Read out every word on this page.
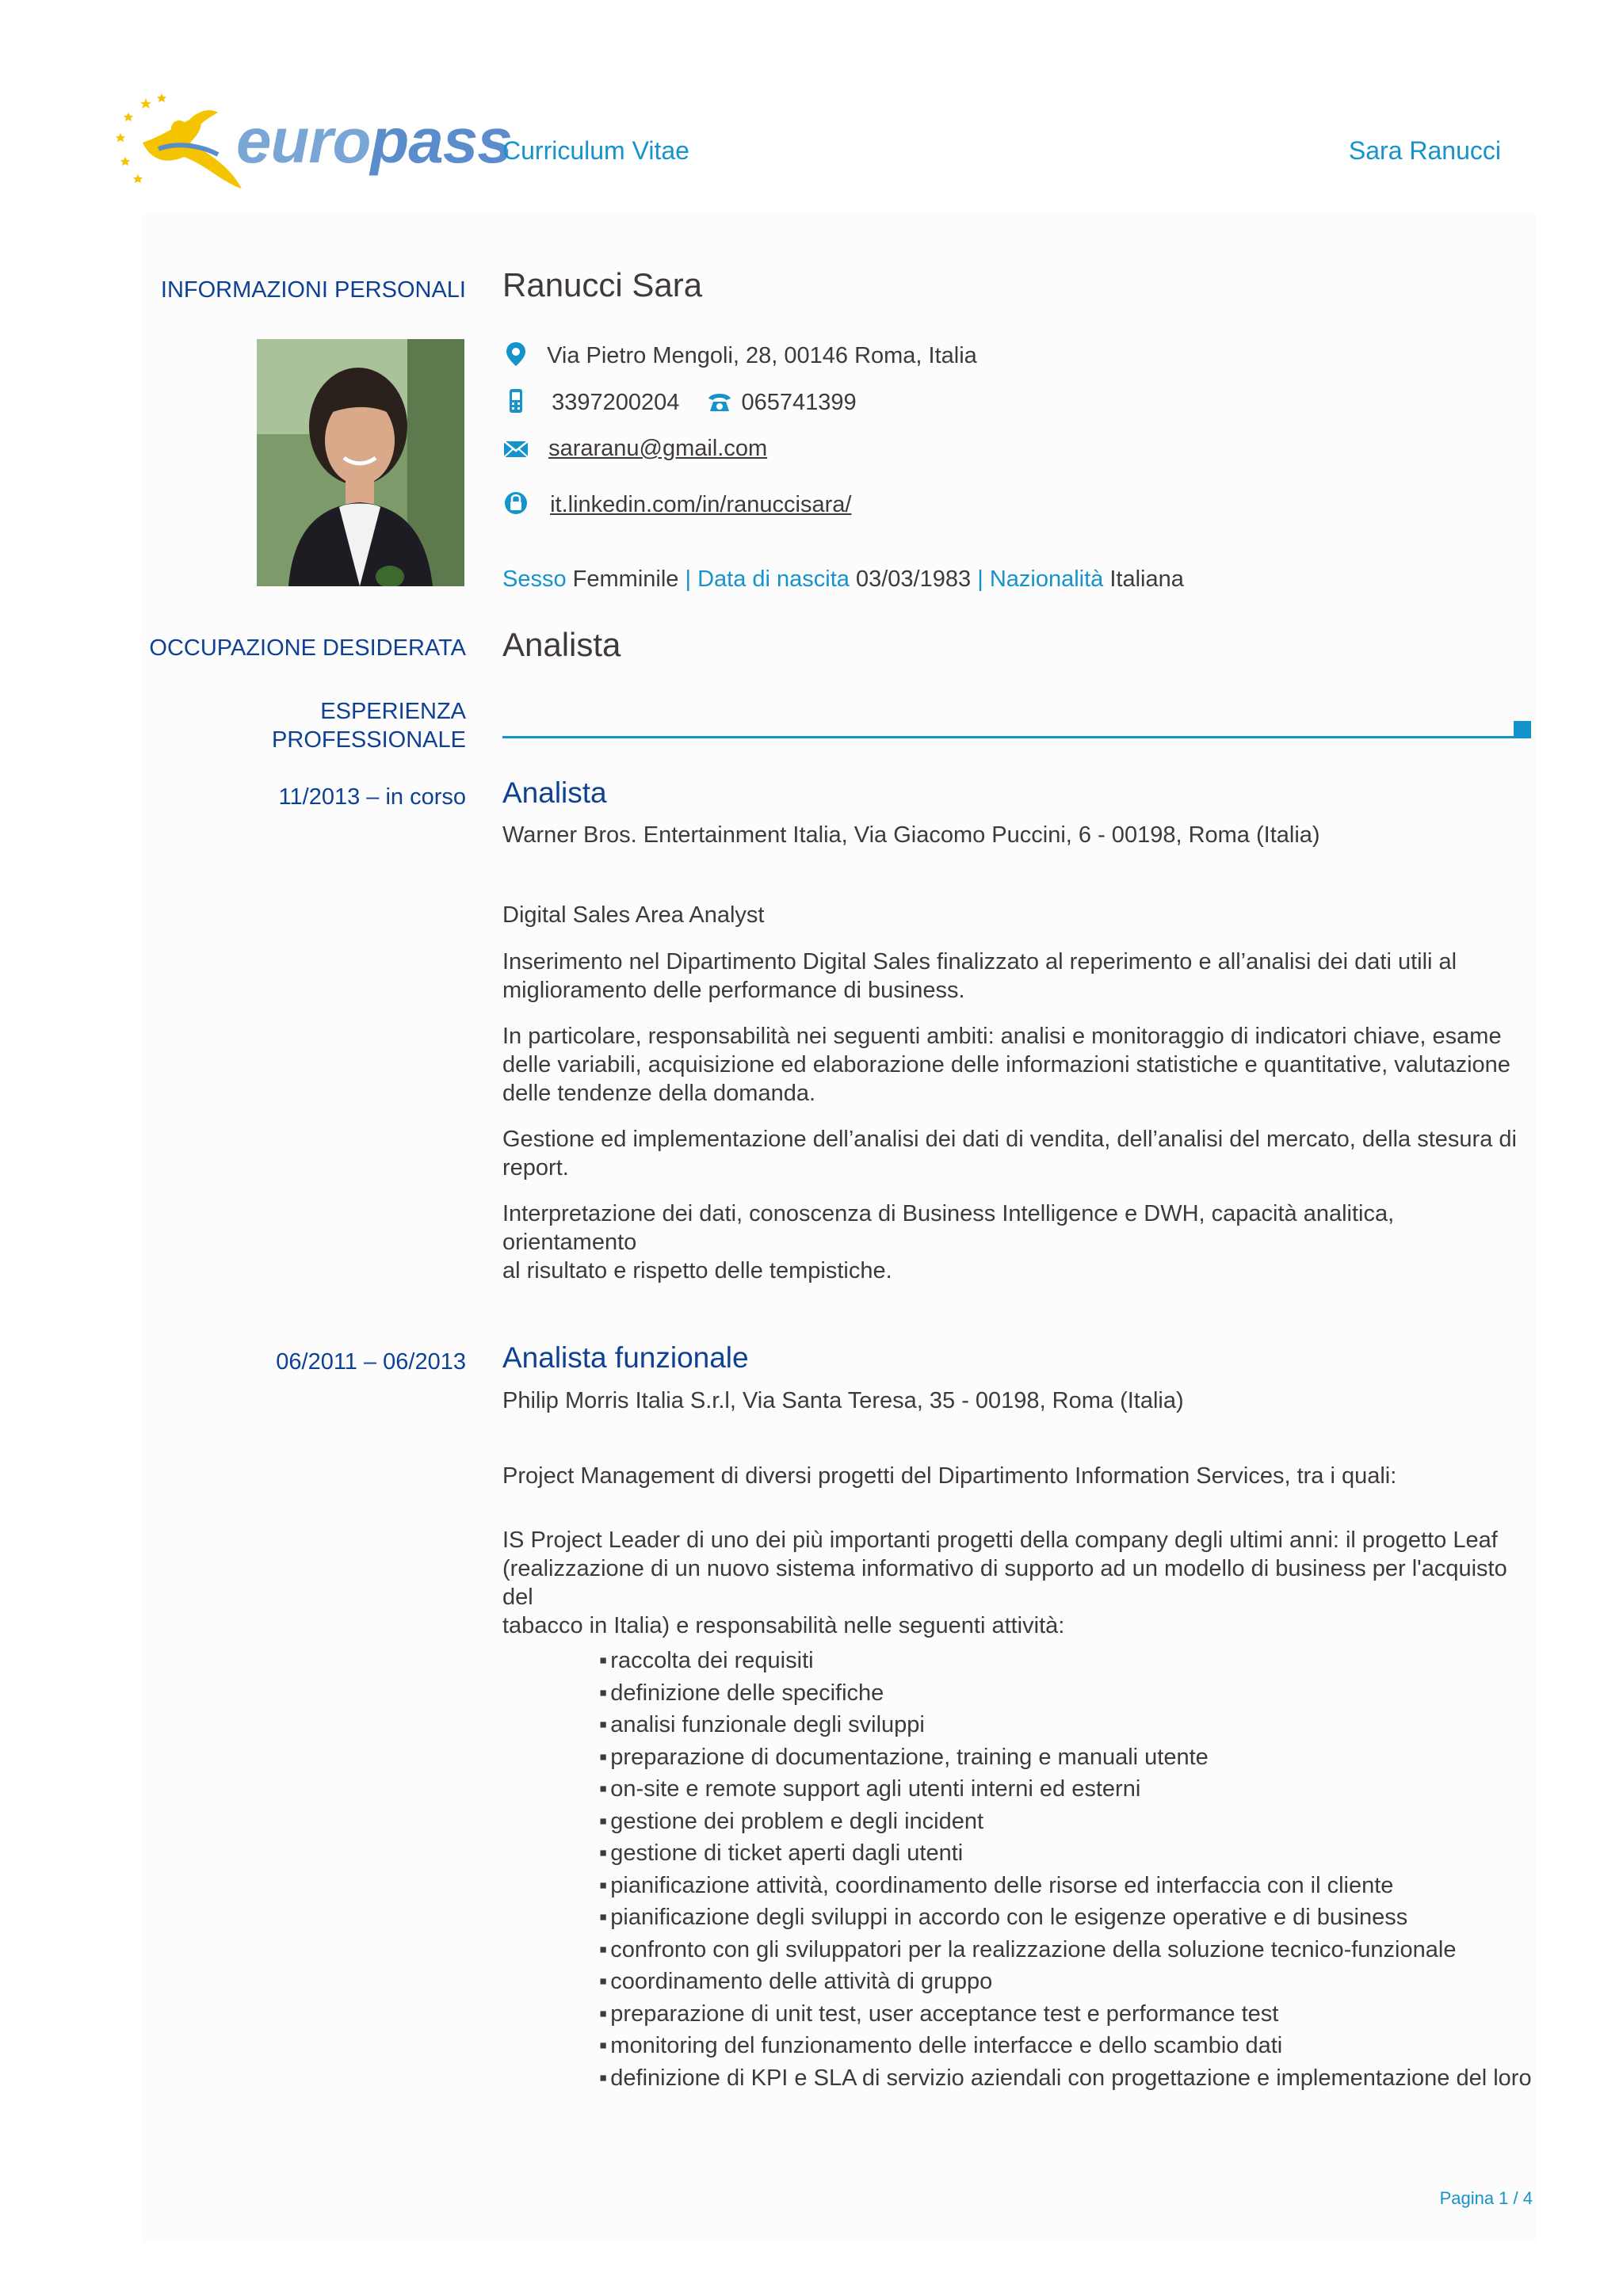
europass
Curriculum Vitae	Sara Ranucci
INFORMAZIONI PERSONALI Ranucci Sara
Via Pietro Mengoli, 28, 00146 Roma, Italia
3397200204	065741399
sararanu@gmail.com
it.linkedin.com/in/ranuccisara/
Sesso Femminile | Data di nascita 03/03/1983 | Nazionalità Italiana
OCCUPAZIONE DESIDERATA Analista
ESPERIENZA
PROFESSIONALE
11/2013 – in corso Analista
Warner Bros. Entertainment Italia, Via Giacomo Puccini, 6 - 00198, Roma (Italia)
Digital Sales Area Analyst
Inserimento nel Dipartimento Digital Sales finalizzato al reperimento e all’analisi dei dati utili al
miglioramento delle performance di business.
In particolare, responsabilità nei seguenti ambiti: analisi e monitoraggio di indicatori chiave, esame
delle variabili, acquisizione ed elaborazione delle informazioni statistiche e quantitative, valutazione
delle tendenze della domanda.
Gestione ed implementazione dell’analisi dei dati di vendita, dell’analisi del mercato, della stesura di
report.
Interpretazione dei dati, conoscenza di Business Intelligence e DWH, capacità analitica, orientamento
al risultato e rispetto delle tempistiche.
06/2011 – 06/2013 Analista funzionale
Philip Morris Italia S.r.l, Via Santa Teresa, 35 - 00198, Roma (Italia)
Project Management di diversi progetti del Dipartimento Information Services, tra i quali:
IS Project Leader di uno dei più importanti progetti della company degli ultimi anni: il progetto Leaf
(realizzazione di un nuovo sistema informativo di supporto ad un modello di business per l'acquisto del
tabacco in Italia) e responsabilità nelle seguenti attività:
▪ raccolta dei requisiti
▪ definizione delle specifiche
▪ analisi funzionale degli sviluppi
▪ preparazione di documentazione, training e manuali utente
▪ on-site e remote support agli utenti interni ed esterni
▪ gestione dei problem e degli incident
▪ gestione di ticket aperti dagli utenti
▪ pianificazione attività, coordinamento delle risorse ed interfaccia con il cliente
▪ pianificazione degli sviluppi in accordo con le esigenze operative e di business
▪ confronto con gli sviluppatori per la realizzazione della soluzione tecnico-funzionale
▪ coordinamento delle attività di gruppo
▪ preparazione di unit test, user acceptance test e performance test
▪ monitoring del funzionamento delle interfacce e dello scambio dati
▪ definizione di KPI e SLA di servizio aziendali con progettazione e implementazione del loro
Pagina 1 / 4
